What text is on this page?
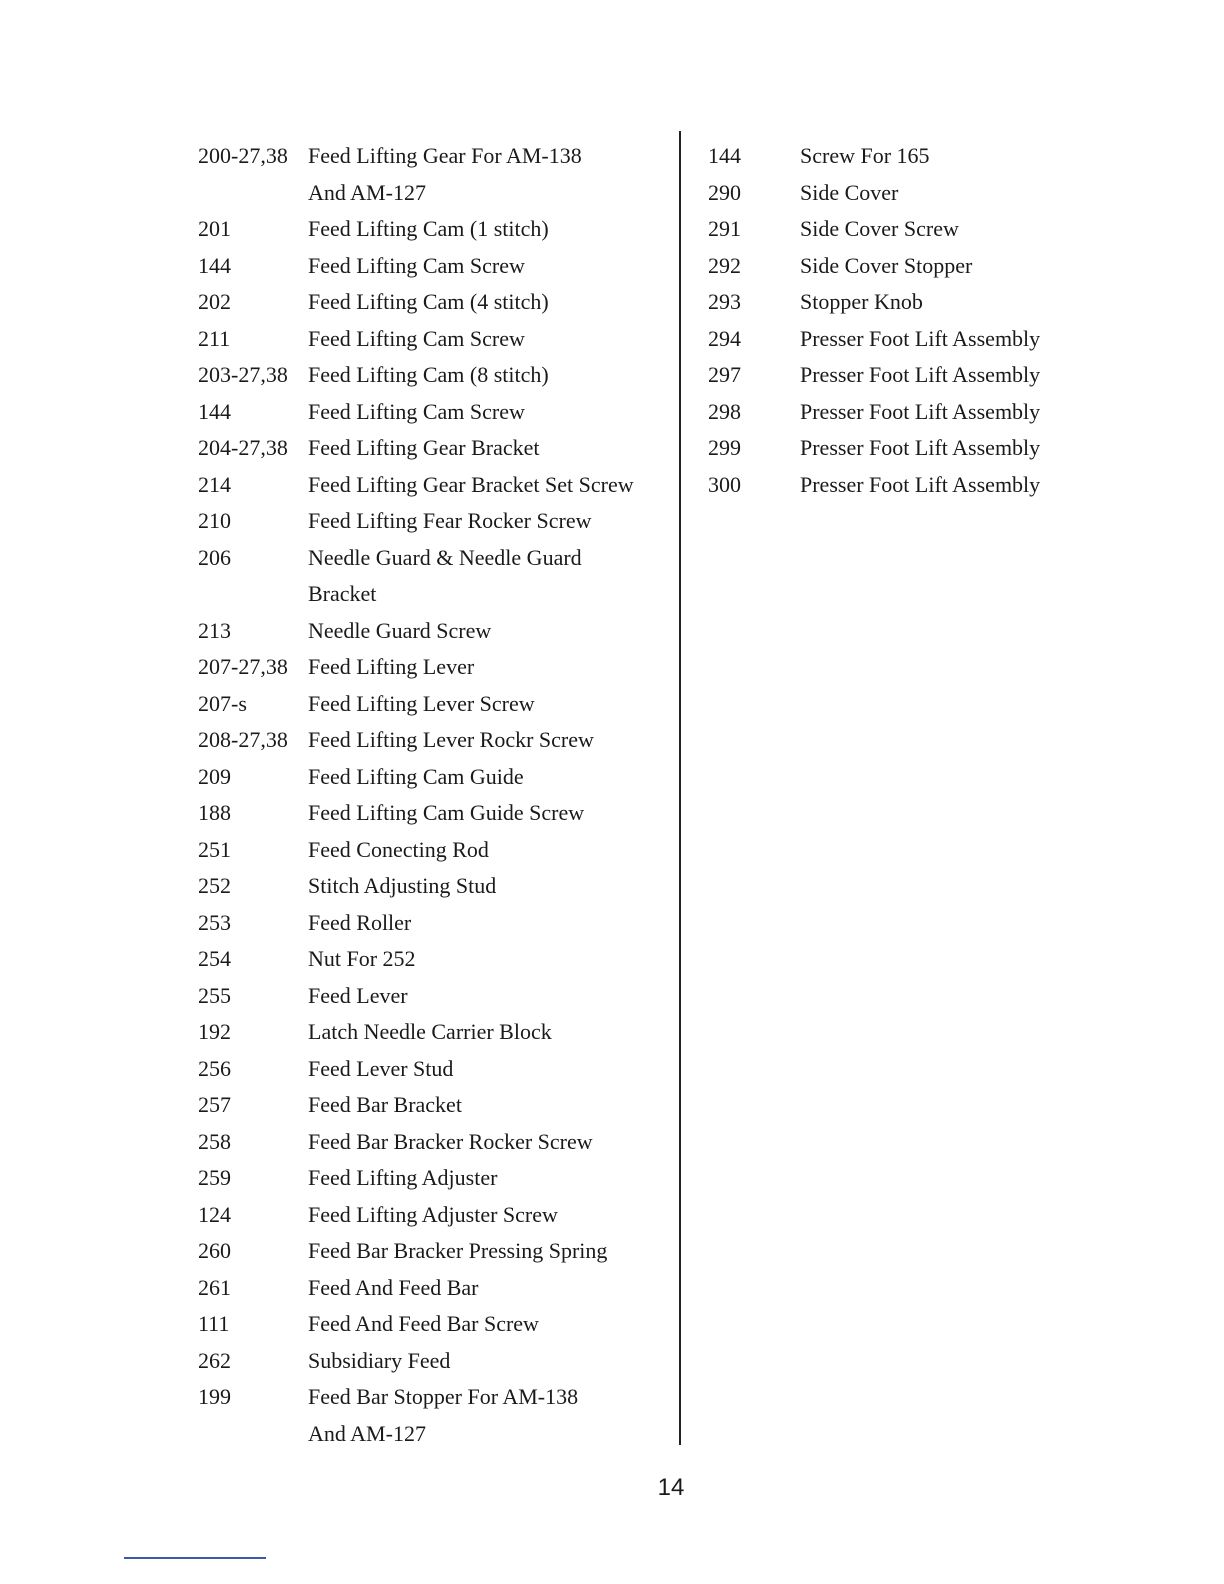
200-27,38 Feed Lifting Gear For AM-138
And AM-127
201	Feed Lifting Cam (1 stitch)
144	Feed Lifting Cam Screw
202	Feed Lifting Cam (4 stitch)
211	Feed Lifting Cam Screw
203-27,38 Feed Lifting Cam (8 stitch)
144	Feed Lifting Cam Screw
204-27,38 Feed Lifting Gear Bracket
214	Feed Lifting Gear Bracket Set Screw
210	Feed Lifting Fear Rocker Screw
206	Needle Guard & Needle Guard
Bracket
213	Needle Guard Screw
207-27,38 Feed Lifting Lever
207-s	Feed Lifting Lever Screw
208-27,38 Feed Lifting Lever Rockr Screw
209	Feed Lifting Cam Guide
188	Feed Lifting Cam Guide Screw
251	Feed Conecting Rod
252	Stitch Adjusting Stud
253	Feed Roller
254	Nut For 252
255	Feed Lever
192	Latch Needle Carrier Block
256	Feed Lever Stud
257	Feed Bar Bracket
258	Feed Bar Bracker Rocker Screw
259	Feed Lifting Adjuster
124	Feed Lifting Adjuster Screw
260	Feed Bar Bracker Pressing Spring
261	Feed And Feed Bar
111	Feed And Feed Bar Screw
262	Subsidiary Feed
199	Feed Bar Stopper For AM-138
And AM-127
144	Screw For 165
290	Side Cover
291	Side Cover Screw
292	Side Cover Stopper
293	Stopper Knob
294	Presser Foot Lift Assembly
297	Presser Foot Lift Assembly
298	Presser Foot Lift Assembly
299	Presser Foot Lift Assembly
300	Presser Foot Lift Assembly
14
